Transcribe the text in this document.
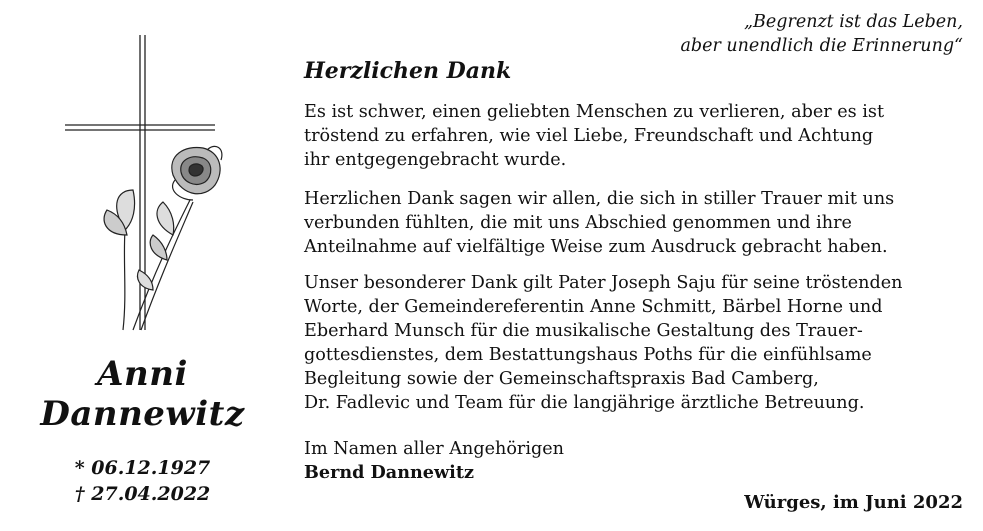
Anni
Dannewitz
* 06.12.1927
† 27.04.2022
„Begrenzt ist das Leben,
aber unendlich die Erinnerung“
Herzlichen Dank
Es ist schwer, einen geliebten Menschen zu verlieren, aber es ist
tröstend zu erfahren, wie viel Liebe, Freundschaft und Achtung
ihr entgegengebracht wurde.
Herzlichen Dank sagen wir allen, die sich in stiller Trauer mit uns
verbunden fühlten, die mit uns Abschied genommen und ihre
Anteilnahme auf vielfältige Weise zum Ausdruck gebracht haben.
Unser besonderer Dank gilt Pater Joseph Saju für seine tröstenden
Worte, der Gemeindereferentin Anne Schmitt, Bärbel Horne und
Eberhard Munsch für die musikalische Gestaltung des Trauer-
gottesdienstes, dem Bestattungshaus Poths für die einfühlsame
Begleitung sowie der Gemeinschaftspraxis Bad Camberg,
Dr. Fadlevic und Team für die langjährige ärztliche Betreuung.
Im Namen aller Angehörigen
Bernd Dannewitz
Würges, im Juni 2022
